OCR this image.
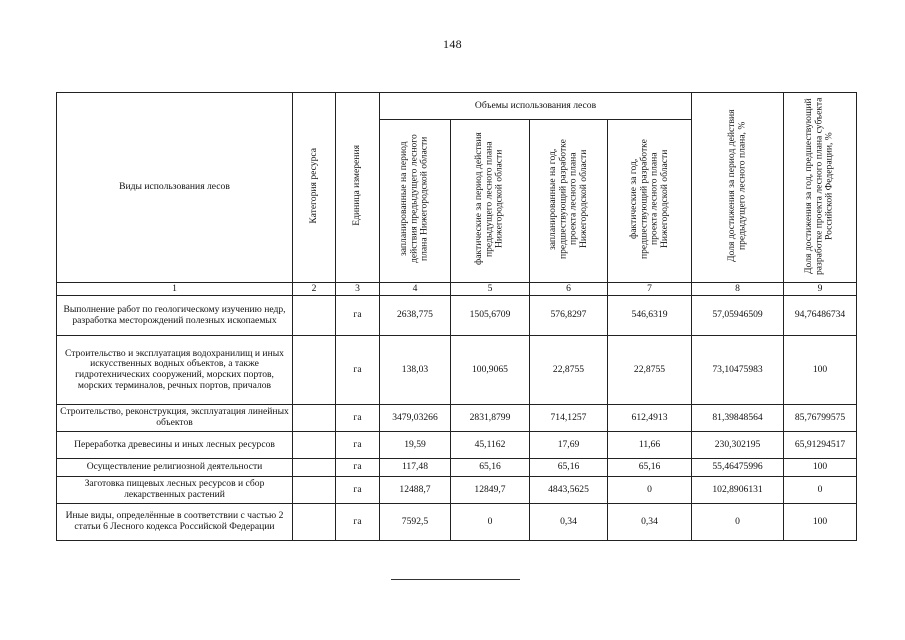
148
Виды использования лесов	Категория ресурса	Единица измерения	Объемы использования лесов				Доля достижения за период действия предыдущего лесного плана, %	Доля достижения за год, предшествующий разработке проекта лесного плана субъекта Российской Федерации, %
			запланированные на период действия предыдущего лесного плана Нижегородской области	фактические за период действия предыдущего лесного плана Нижегородской области	запланированные на год, предшествующий разработке проекта лесного плана Нижегородской области	фактические за год, предшествующий разработке проекта лесного плана Нижегородской области		
1	2	3	4	5	6	7	8	9
Выполнение работ по геологическому изучению недр, разработка месторождений полезных ископаемых		га	2638,775	1505,6709	576,8297	546,6319	57,05946509	94,76486734
Строительство и эксплуатация водохранилищ и иных искусственных водных объектов, а также гидротехнических сооружений, морских портов, морских терминалов, речных портов, причалов		га	138,03	100,9065	22,8755	22,8755	73,10475983	100
Строительство, реконструкция, эксплуатация линейных объектов		га	3479,03266	2831,8799	714,1257	612,4913	81,39848564	85,76799575
Переработка древесины и иных лесных ресурсов		га	19,59	45,1162	17,69	11,66	230,302195	65,91294517
Осуществление религиозной деятельности		га	117,48	65,16	65,16	65,16	55,46475996	100
Заготовка пищевых лесных ресурсов и сбор лекарственных растений		га	12488,7	12849,7	4843,5625	0	102,8906131	0
Иные виды, определённые в соответствии с частью 2 статьи 6 Лесного кодекса Российской Федерации		га	7592,5	0	0,34	0,34	0	100
